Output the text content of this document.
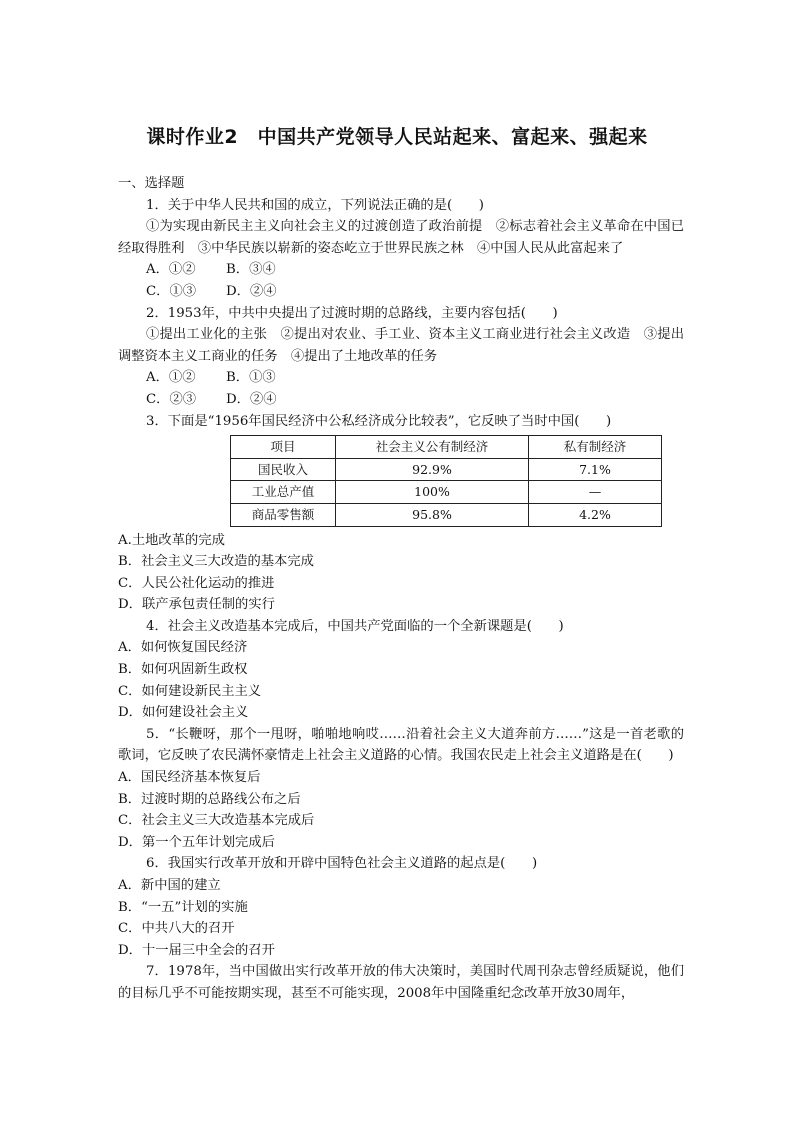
课时作业2　中国共产党领导人民站起来、富起来、强起来
一、选择题
1．关于中华人民共和国的成立，下列说法正确的是(　　)
①为实现由新民主主义向社会主义的过渡创造了政治前提　②标志着社会主义革命在中国已经取得胜利　③中华民族以崭新的姿态屹立于世界民族之林　④中国人民从此富起来了
A．①② B．③④
C．①③ D．②④
2．1953年，中共中央提出了过渡时期的总路线，主要内容包括(　　)
①提出工业化的主张　②提出对农业、手工业、资本主义工商业进行社会主义改造　③提出调整资本主义工商业的任务　④提出了土地改革的任务
A．①② B．①③
C．②③ D．②④
3．下面是“1956年国民经济中公私经济成分比较表”，它反映了当时中国(　　)
项目	社会主义公有制经济	私有制经济
国民收入	92.9%	7.1%
工业总产值	100%	—
商品零售额	95.8%	4.2%
A.土地改革的完成
B．社会主义三大改造的基本完成
C．人民公社化运动的推进
D．联产承包责任制的实行
4．社会主义改造基本完成后，中国共产党面临的一个全新课题是(　　)
A．如何恢复国民经济
B．如何巩固新生政权
C．如何建设新民主主义
D．如何建设社会主义
5．“长鞭呀，那个一甩呀，啪啪地响哎……沿着社会主义大道奔前方……”这是一首老歌的歌词，它反映了农民满怀豪情走上社会主义道路的心情。我国农民走上社会主义道路是在(　　)
A．国民经济基本恢复后
B．过渡时期的总路线公布之后
C．社会主义三大改造基本完成后
D．第一个五年计划完成后
6．我国实行改革开放和开辟中国特色社会主义道路的起点是(　　)
A．新中国的建立
B．“一五”计划的实施
C．中共八大的召开
D．十一届三中全会的召开
7．1978年，当中国做出实行改革开放的伟大决策时，美国时代周刊杂志曾经质疑说，他们的目标几乎不可能按期实现，甚至不可能实现，2008年中国隆重纪念改革开放30周年，
